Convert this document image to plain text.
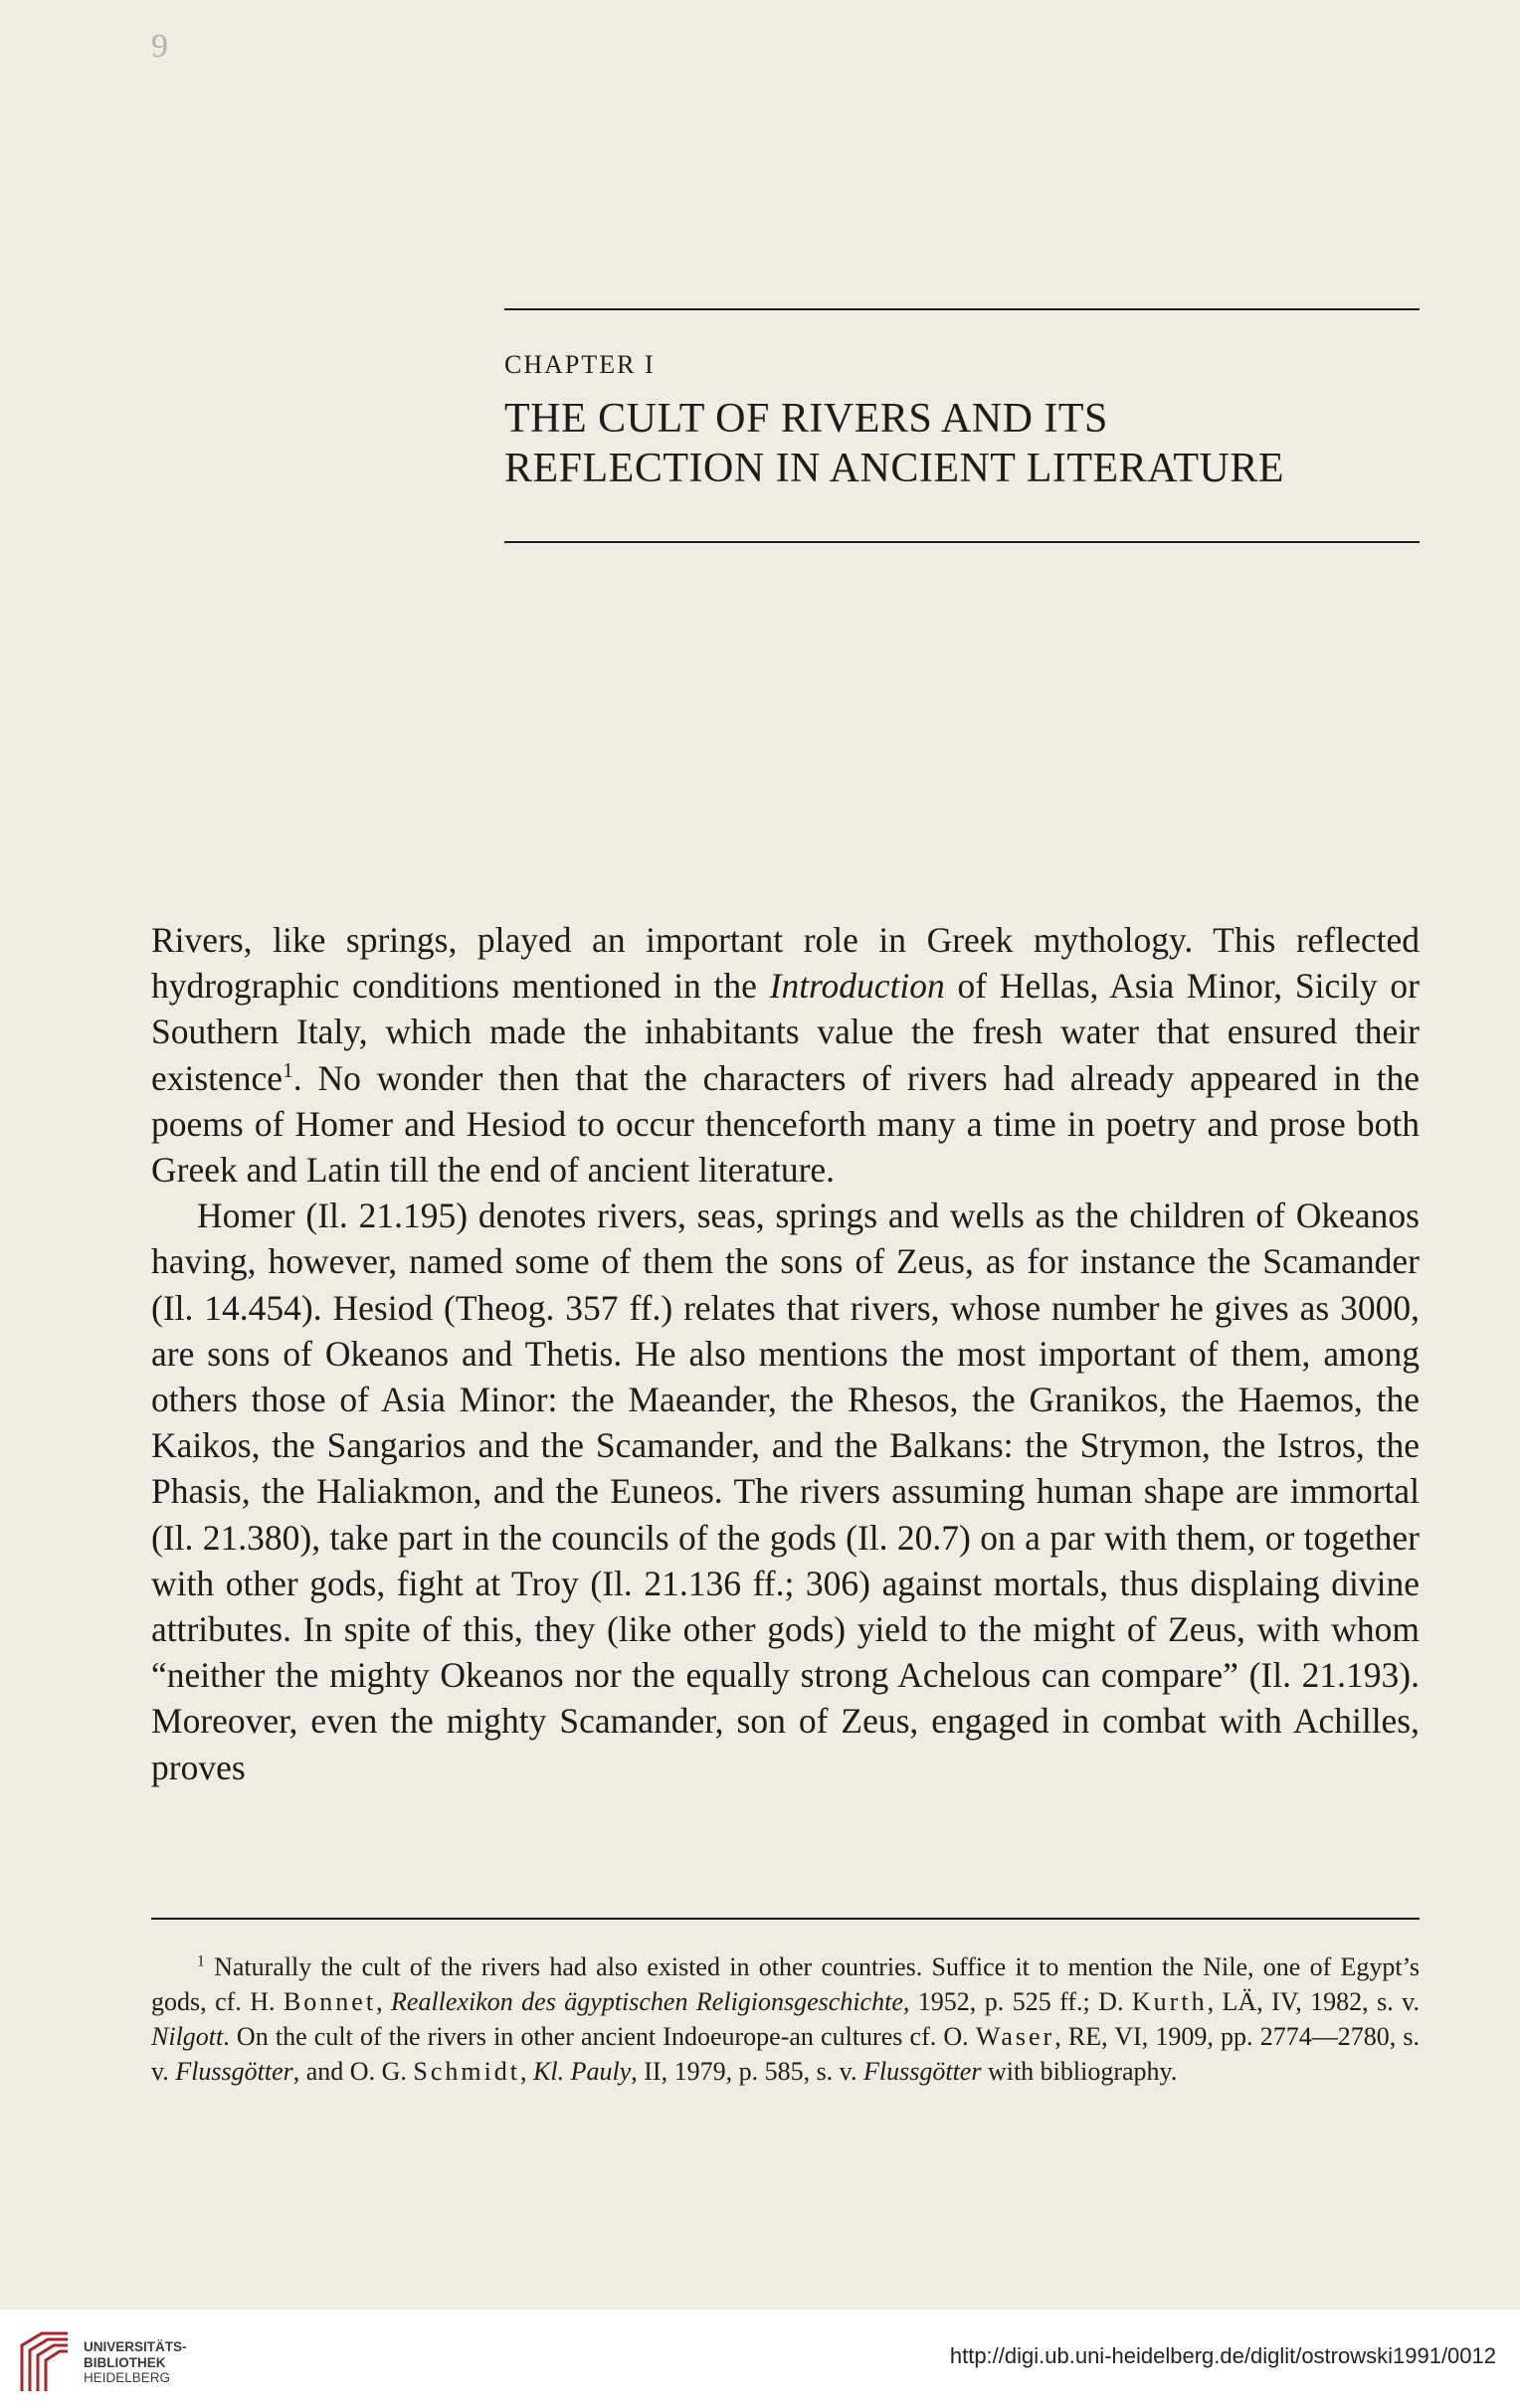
9
CHAPTER I
THE CULT OF RIVERS AND ITS
REFLECTION IN ANCIENT LITERATURE

Rivers, like springs, played an important role in Greek mythology. This reflected hydrographic conditions mentioned in the Introduction of Hellas, Asia Minor, Sicily or Southern Italy, which made the inhabitants value the fresh water that ensured their existence$^1$. No wonder then that the characters of rivers had already appeared in the poems of Homer and Hesiod to occur thenceforth many a time in poetry and prose both Greek and Latin till the end of ancient literature.

Homer (Il. 21.195) denotes rivers, seas, springs and wells as the children of Okeanos having, however, named some of them the sons of Zeus, as for instance the Scamander (Il. 14.454). Hesiod (Theog. 357 ff.) relates that rivers, whose number he gives as 3000, are sons of Okeanos and Thetis. He also mentions the most important of them, among others those of Asia Minor: the Maeander, the Rhesos, the Granikos, the Haemos, the Kaikos, the Sangarios and the Scamander, and the Balkans: the Strymon, the Istros, the Phasis, the Haliakmon, and the Euneos. The rivers assuming human shape are immortal (Il. 21.380), take part in the councils of the gods (Il. 20.7) on a par with them, or together with other gods, fight at Troy (Il. 21.136 ff.; 306) against mortals, thus displaing divine attributes. In spite of this, they (like other gods) yield to the might of Zeus, with whom “neither the mighty Okeanos nor the equally strong Achelous can compare” (Il. 21.193). Moreover, even the mighty Scamander, son of Zeus, engaged in combat with Achilles, proves

$^1$ Naturally the cult of the rivers had also existed in other countries. Suffice it to mention the Nile, one of Egypt’s gods, cf. H. Bonnet, Reallexikon des ägyptischen Religionsgeschichte, 1952, p. 525 ff.; D. Kurth, LÄ, IV, 1982, s. v. Nilgott. On the cult of the rivers in other ancient Indoeurope-an cultures cf. O. Waser, RE, VI, 1909, pp. 2774—2780, s. v. Flussgötter, and O. G. Schmidt, Kl. Pauly, II, 1979, p. 585, s. v. Flussgötter with bibliography.

UNIVERSITÄTS-
BIBLIOTHEK
HEIDELBERG
http://digi.ub.uni-heidelberg.de/diglit/ostrowski1991/0012
